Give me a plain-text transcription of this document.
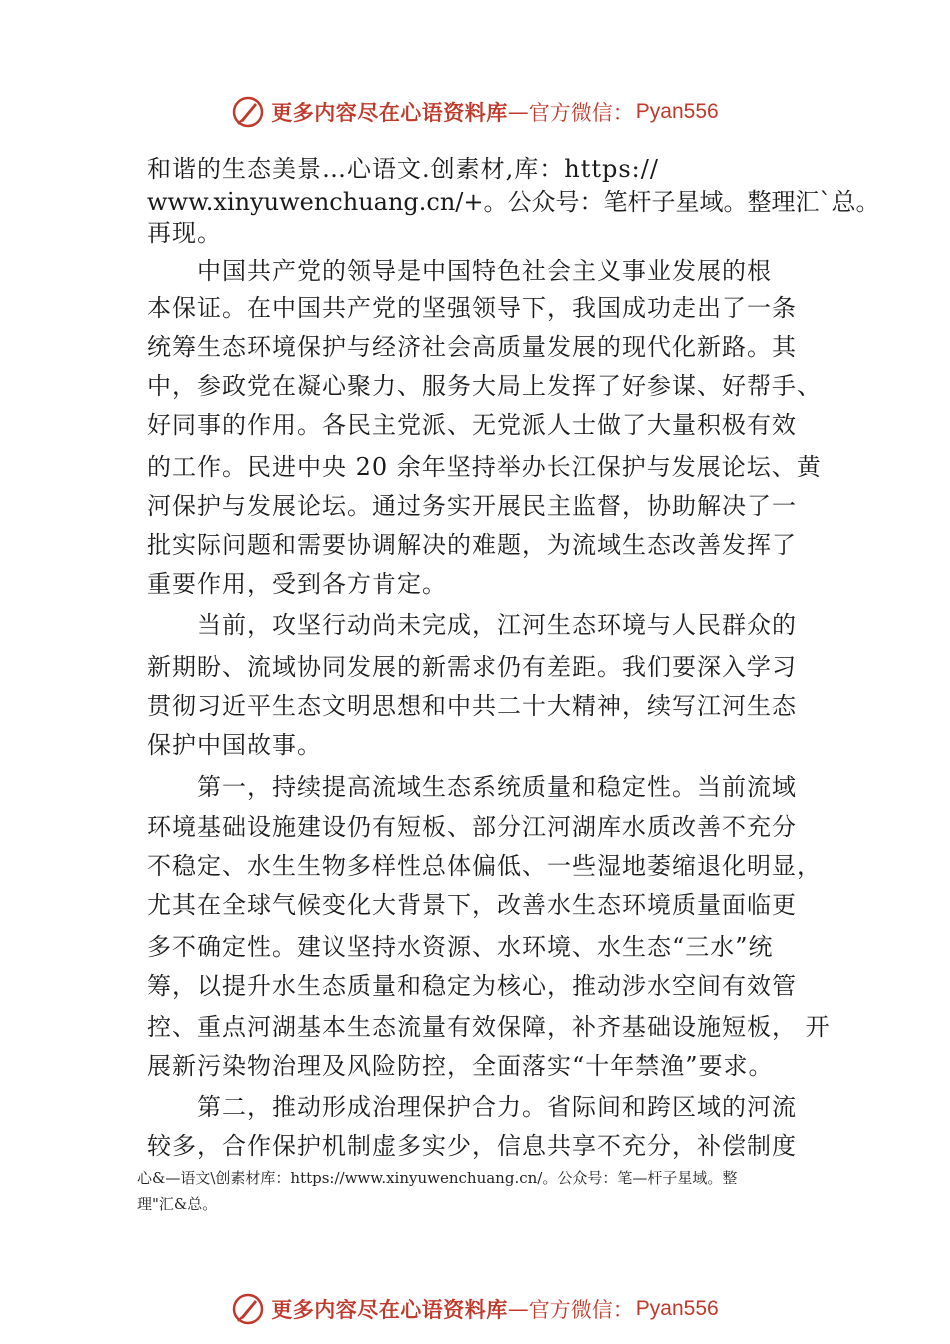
更多内容尽在心语资料库 — 官方微信： Pyan556

和谐的生态美景…心语文.创素材,库：https://

www.xinyuwenchuang.cn/+。公众号：笔杆子星域。整理汇`总。

再现。

　　中国共产党的领导是中国特色社会主义事业发展的根

本保证。在中国共产党的坚强领导下，我国成功走出了一条

统筹生态环境保护与经济社会高质量发展的现代化新路。其

中，参政党在凝心聚力、服务大局上发挥了好参谋、好帮手、

好同事的作用。各民主党派、无党派人士做了大量积极有效

的工作。民进中央 20 余年坚持举办长江保护与发展论坛、黄

河保护与发展论坛。通过务实开展民主监督，协助解决了一

批实际问题和需要协调解决的难题，为流域生态改善发挥了

重要作用，受到各方肯定。

　　当前，攻坚行动尚未完成，江河生态环境与人民群众的

新期盼、流域协同发展的新需求仍有差距。我们要深入学习

贯彻习近平生态文明思想和中共二十大精神，续写江河生态

保护中国故事。

　　第一，持续提高流域生态系统质量和稳定性。当前流域

环境基础设施建设仍有短板、部分江河湖库水质改善不充分

不稳定、水生生物多样性总体偏低、一些湿地萎缩退化明显，

尤其在全球气候变化大背景下，改善水生态环境质量面临更

多不确定性。建议坚持水资源、水环境、水生态“三水”统

筹，以提升水生态质量和稳定为核心，推动涉水空间有效管

控、重点河湖基本生态流量有效保障，补齐基础设施短板， 开

展新污染物治理及风险防控，全面落实“十年禁渔”要求。

　　第二，推动形成治理保护合力。省际间和跨区域的河流

较多，合作保护机制虚多实少，信息共享不充分，补偿制度

心&—语文\创素材库：https://www.xinyuwenchuang.cn/。公众号：笔—杆子星域。整

理"汇&总。

更多内容尽在心语资料库 — 官方微信： Pyan556
